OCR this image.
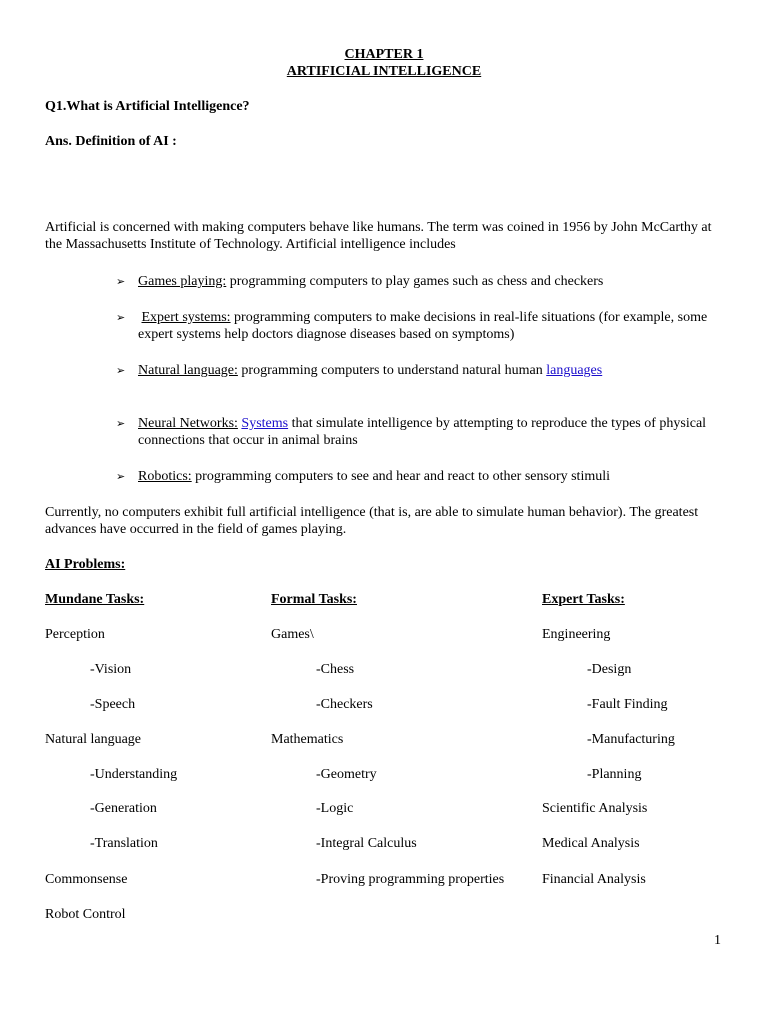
CHAPTER 1
ARTIFICIAL INTELLIGENCE
Q1.What is Artificial Intelligence?
Ans. Definition of AI :
Artificial is concerned with making computers behave like humans. The term was coined in 1956 by John McCarthy at the Massachusetts Institute of Technology. Artificial intelligence includes
➢ Games playing: programming computers to play games such as chess and checkers
➢ Expert systems: programming computers to make decisions in real-life situations (for example, some expert systems help doctors diagnose diseases based on symptoms)
➢ Natural language: programming computers to understand natural human languages
➢ Neural Networks: Systems that simulate intelligence by attempting to reproduce the types of physical connections that occur in animal brains
➢ Robotics: programming computers to see and hear and react to other sensory stimuli
Currently, no computers exhibit full artificial intelligence (that is, are able to simulate human behavior). The greatest advances have occurred in the field of games playing.
AI Problems:
Mundane Tasks:	Formal Tasks:	Expert Tasks:
Perception
-Vision
-Speech
Natural language
-Understanding
-Generation
-Translation
Commonsense
Robot Control
Games\
-Chess
-Checkers
Mathematics
-Geometry
-Logic
-Integral Calculus
-Proving programming properties
Engineering
-Design
-Fault Finding
-Manufacturing
-Planning
Scientific Analysis
Medical Analysis
Financial Analysis
1
